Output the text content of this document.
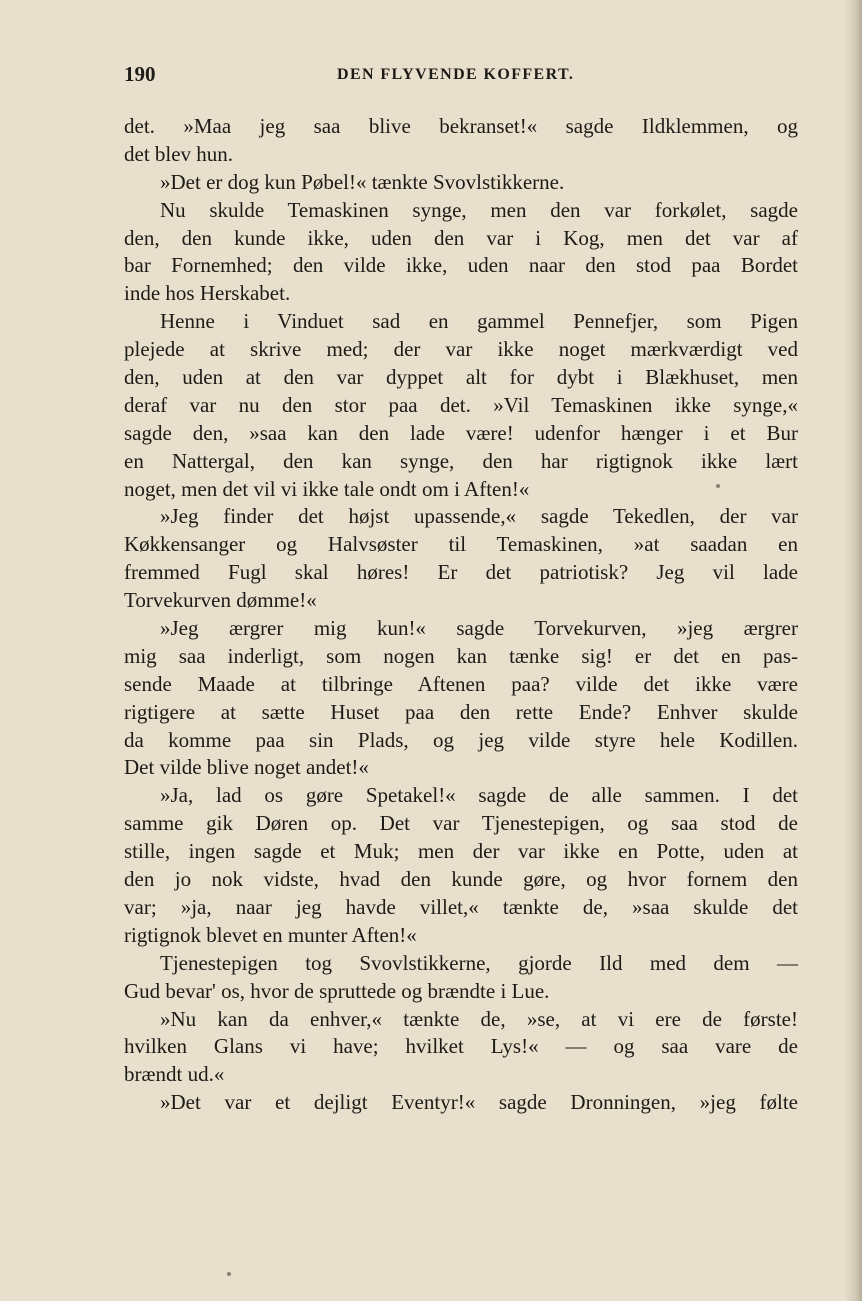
190	DEN FLYVENDE KOFFERT.
det. »Maa jeg saa blive bekranset!« sagde Ildklemmen, og
det blev hun.
»Det er dog kun Pøbel!« tænkte Svovlstikkerne.
Nu skulde Temaskinen synge, men den var forkølet, sagde
den, den kunde ikke, uden den var i Kog, men det var af
bar Fornemhed; den vilde ikke, uden naar den stod paa Bordet
inde hos Herskabet.
Henne i Vinduet sad en gammel Pennefjer, som Pigen
plejede at skrive med; der var ikke noget mærkværdigt ved
den, uden at den var dyppet alt for dybt i Blækhuset, men
deraf var nu den stor paa det. »Vil Temaskinen ikke synge,«
sagde den, »saa kan den lade være! udenfor hænger i et Bur
en Nattergal, den kan synge, den har rigtignok ikke lært
noget, men det vil vi ikke tale ondt om i Aften!«
»Jeg finder det højst upassende,« sagde Tekedlen, der var
Køkkensanger og Halvsøster til Temaskinen, »at saadan en
fremmed Fugl skal høres! Er det patriotisk? Jeg vil lade
Torvekurven dømme!«
»Jeg ærgrer mig kun!« sagde Torvekurven, »jeg ærgrer
mig saa inderligt, som nogen kan tænke sig! er det en pas-
sende Maade at tilbringe Aftenen paa? vilde det ikke være
rigtigere at sætte Huset paa den rette Ende? Enhver skulde
da komme paa sin Plads, og jeg vilde styre hele Kodillen.
Det vilde blive noget andet!«
»Ja, lad os gøre Spetakel!« sagde de alle sammen. I det
samme gik Døren op. Det var Tjenestepigen, og saa stod de
stille, ingen sagde et Muk; men der var ikke en Potte, uden at
den jo nok vidste, hvad den kunde gøre, og hvor fornem den
var; »ja, naar jeg havde villet,« tænkte de, »saa skulde det
rigtignok blevet en munter Aften!«
Tjenestepigen tog Svovlstikkerne, gjorde Ild med dem —
Gud bevar' os, hvor de spruttede og brændte i Lue.
»Nu kan da enhver,« tænkte de, »se, at vi ere de første!
hvilken Glans vi have; hvilket Lys!« — og saa vare de
brændt ud.«
»Det var et dejligt Eventyr!« sagde Dronningen, »jeg følte
